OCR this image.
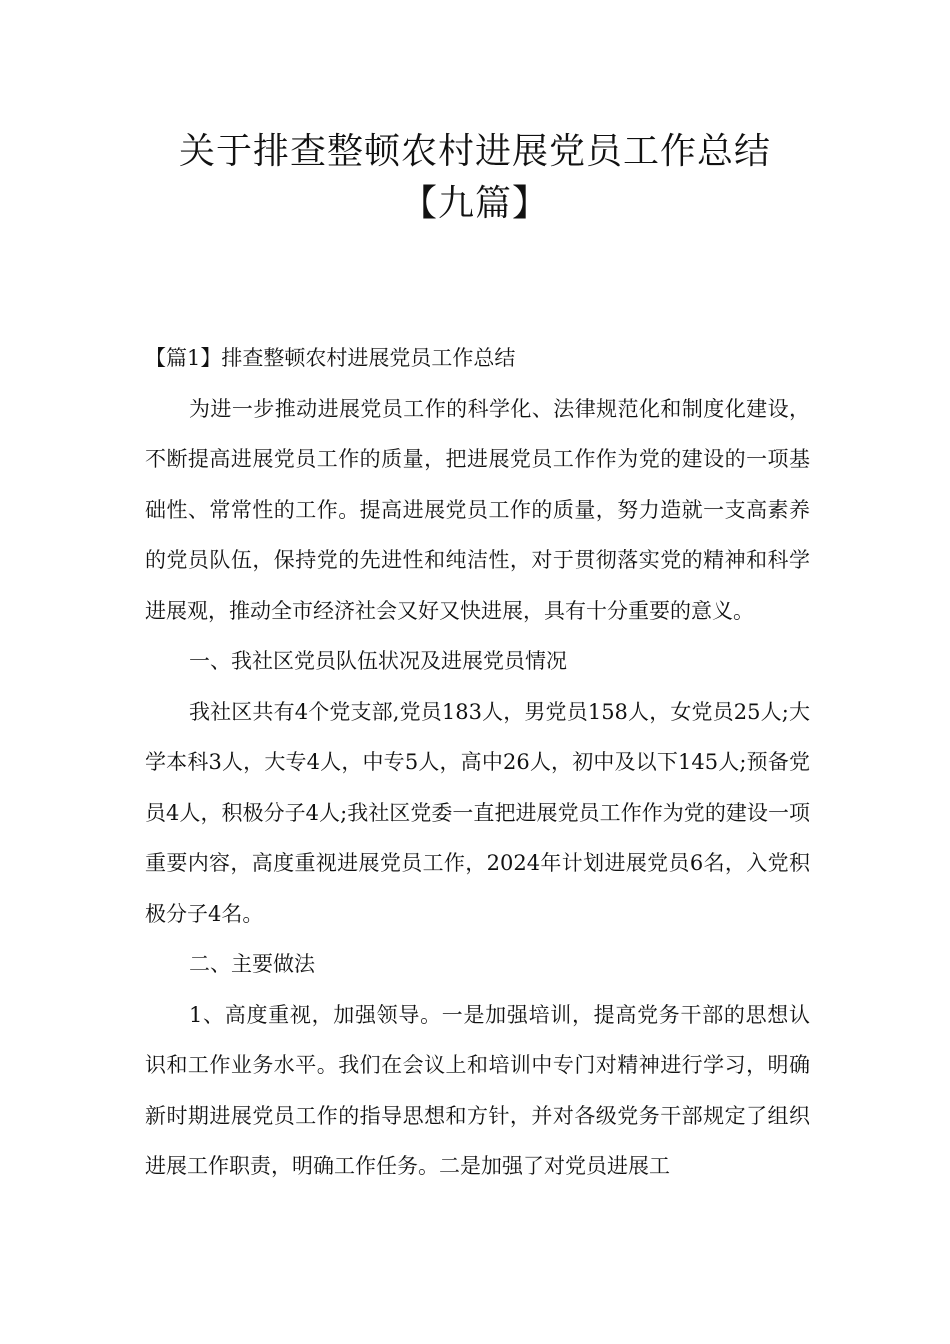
关于排查整顿农村进展党员工作总结
【九篇】

【篇1】排查整顿农村进展党员工作总结

为进一步推动进展党员工作的科学化、法律规范化和制度化建设，不断提高进展党员工作的质量，把进展党员工作作为党的建设的一项基础性、常常性的工作。提高进展党员工作的质量，努力造就一支高素养的党员队伍，保持党的先进性和纯洁性，对于贯彻落实党的精神和科学进展观，推动全市经济社会又好又快进展，具有十分重要的意义。

一、我社区党员队伍状况及进展党员情况

我社区共有4个党支部,党员183人，男党员158人，女党员25人;大学本科3人，大专4人，中专5人，高中26人，初中及以下145人;预备党员4人，积极分子4人;我社区党委一直把进展党员工作作为党的建设一项重要内容，高度重视进展党员工作，2024年计划进展党员6名，入党积极分子4名。

二、主要做法

1、高度重视，加强领导。一是加强培训，提高党务干部的思想认识和工作业务水平。我们在会议上和培训中专门对精神进行学习，明确新时期进展党员工作的指导思想和方针，并对各级党务干部规定了组织进展工作职责，明确工作任务。二是加强了对党员进展工
